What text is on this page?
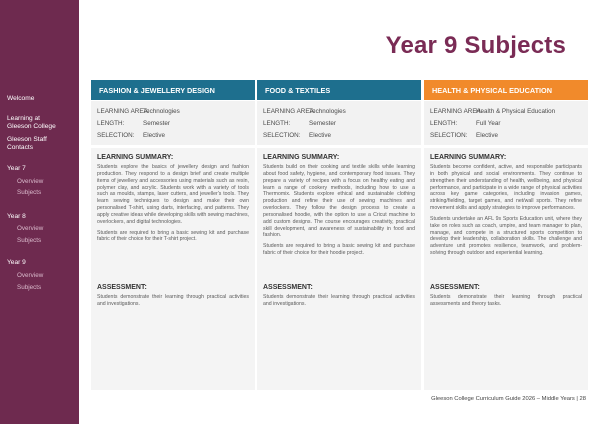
Welcome
Learning at
Gleeson College
Gleeson Staff
Contacts
Year 7
Overview
Subjects
Year 8
Overview
Subjects
Year 9
Overview
Subjects
Year 9 Subjects
FASHION & JEWELLERY DESIGN
LEARNING AREA:
Technologies
LENGTH:	Semester
SELECTION:	Elective
LEARNING SUMMARY:

Students explore the basics of jewellery design and fashion production. They respond to a design brief and create multiple items of jewellery and accessories using materials such as resin, polymer clay, and acrylic. Students work with a variety of tools such as moulds, stamps, laser cutters, and jeweller's tools. They learn sewing techniques to design and make their own personalised T-shirt, using darts, interfacing, and patterns. They apply creative ideas while developing skills with sewing machines, overlockers, and digital technologies.

Students are required to bring a basic sewing kit and purchase fabric of their choice for their T-shirt project.

ASSESSMENT:

Students demonstrate their learning through practical activities and investigations.

FOOD & TEXTILES
LEARNING AREA:
Technologies
LENGTH:	Semester
SELECTION:	Elective
LEARNING SUMMARY:

Students build on their cooking and textile skills while learning about food safety, hygiene, and contemporary food issues. They prepare a variety of recipes with a focus on healthy eating and learn a range of cookery methods, including how to use a Thermomix. Students explore ethical and sustainable clothing production and refine their use of sewing machines and overlockers. They follow the design process to create a personalised hoodie, with the option to use a Cricut machine to add custom designs. The course encourages creativity, practical skill development, and awareness of sustainability in food and fashion.

Students are required to bring a basic sewing kit and purchase fabric of their choice for their hoodie project.

ASSESSMENT:

Students demonstrate their learning through practical activities and investigations.

HEALTH & PHYSICAL EDUCATION
LEARNING AREA:
Health & Physical Education
LENGTH:	Full Year
SELECTION:	Elective
LEARNING SUMMARY:

Students become confident, active, and responsible participants in both physical and social environments. They continue to strengthen their understanding of health, wellbeing, and physical performance, and participate in a wide range of physical activities across key game categories, including invasion games, striking/fielding, target games, and net/wall sports. They refine movement skills and apply strategies to improve performances.

Students undertake an AFL 9s Sports Education unit, where they take on roles such as coach, umpire, and team manager to plan, manage, and compete in a structured sports competition to develop their leadership, collaboration skills. The challenge and adventure unit promotes resilience, teamwork, and problem-solving through outdoor and experiential learning.

ASSESSMENT:

Students demonstrate their learning through practical assessments and theory tasks.

Gleeson College Curriculum Guide 2026 – Middle Years | 28
